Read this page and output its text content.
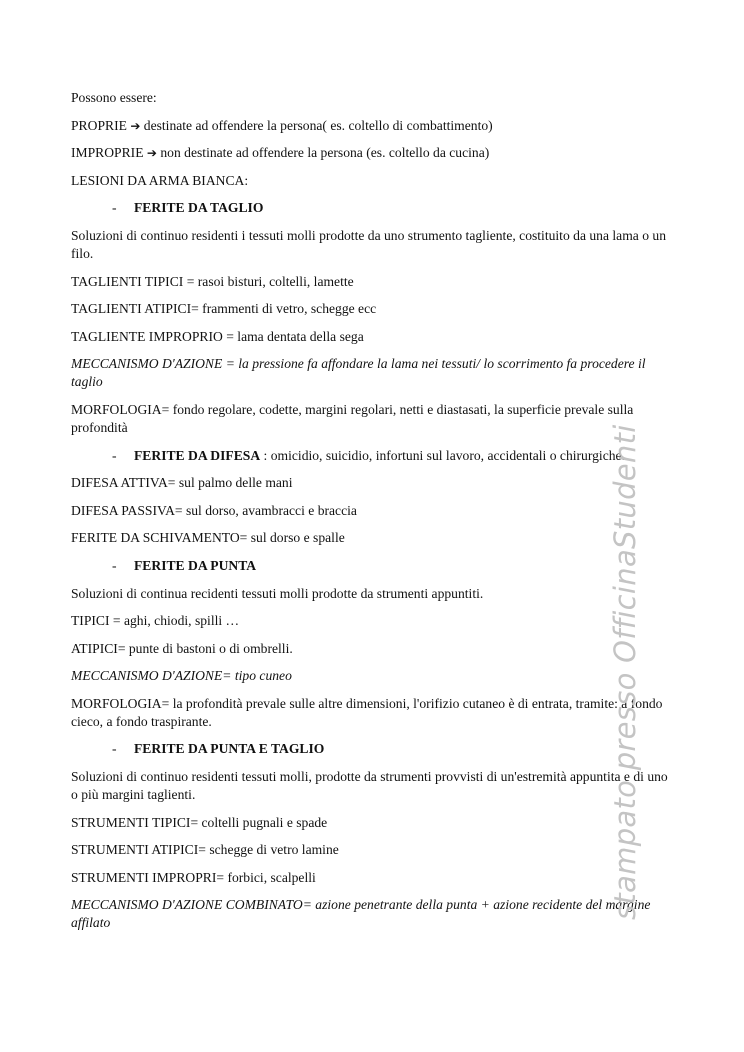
Possono essere:

PROPRIE ➔ destinate ad offendere la persona( es. coltello di combattimento)

IMPROPRIE ➔ non destinate ad offendere la persona (es. coltello da cucina)

LESIONI DA ARMA BIANCA:

- FERITE DA TAGLIO

Soluzioni di continuo residenti i tessuti molli prodotte da uno strumento tagliente, costituito da una lama o un filo.

TAGLIENTI TIPICI = rasoi bisturi, coltelli, lamette

TAGLIENTI ATIPICI= frammenti di vetro, schegge ecc

TAGLIENTE IMPROPRIO = lama dentata della sega

MECCANISMO D'AZIONE = la pressione fa affondare la lama nei tessuti/ lo scorrimento fa procedere il taglio

MORFOLOGIA= fondo regolare, codette, margini regolari, netti e diastasati, la superficie prevale sulla profondità

- FERITE DA DIFESA : omicidio, suicidio, infortuni sul lavoro, accidentali o chirurgiche.

DIFESA ATTIVA= sul palmo delle mani

DIFESA PASSIVA= sul dorso, avambracci e braccia

FERITE DA SCHIVAMENTO= sul dorso e spalle

- FERITE DA PUNTA

Soluzioni di continua recidenti tessuti molli prodotte da strumenti appuntiti.

TIPICI = aghi, chiodi, spilli …

ATIPICI= punte di bastoni o di ombrelli.

MECCANISMO D'AZIONE= tipo cuneo

MORFOLOGIA= la profondità prevale sulle altre dimensioni, l'orifizio cutaneo è di entrata, tramite: a fondo cieco, a fondo traspirante.

- FERITE DA PUNTA E TAGLIO

Soluzioni di continuo residenti tessuti molli, prodotte da strumenti provvisti di un'estremità appuntita e di uno o più margini taglienti.

STRUMENTI TIPICI= coltelli pugnali e spade

STRUMENTI ATIPICI= schegge di vetro lamine

STRUMENTI IMPROPRI= forbici, scalpelli

MECCANISMO D'AZIONE COMBINATO= azione penetrante della punta + azione recidente del margine affilato

stampato presso OfficinaStudenti
